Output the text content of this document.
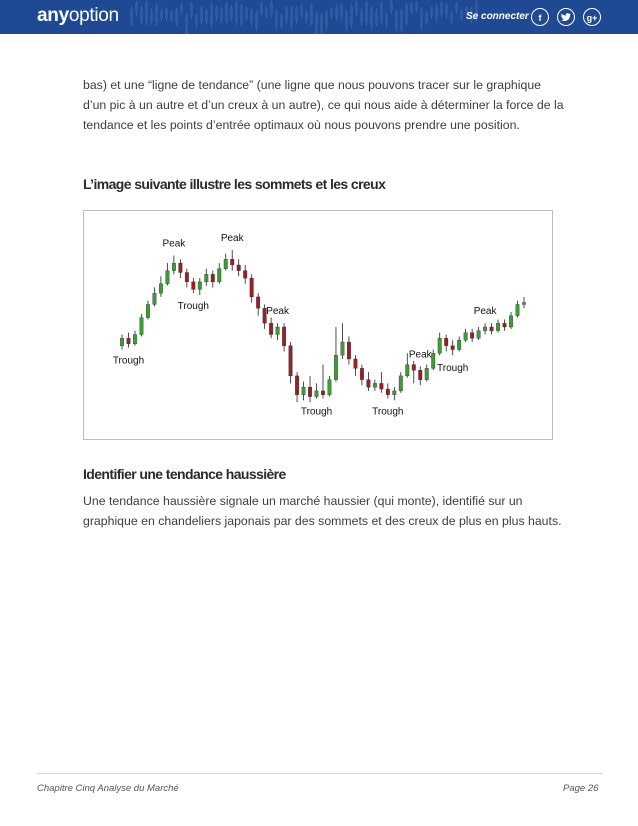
anyoption	Se connecter	f	g+
bas) et une “ligne de tendance” (une ligne que nous pouvons tracer sur le graphique
d’un pic à un autre et d’un creux à un autre), ce qui nous aide à déterminer la force de la
tendance et les points d’entrée optimaux où nous pouvons prendre une position.
L’image suivante illustre les sommets et les creux
Trough
Peak
Trough
Peak
Peak
Trough	Trough
Peak
Trough
Peak
Identifier une tendance haussière
Une tendance haussière signale un marché haussier (qui monte), identifié sur un
graphique en chandeliers japonais par des sommets et des creux de plus en plus hauts.
Chapitre Cinq Analyse du Marché	Page 26
